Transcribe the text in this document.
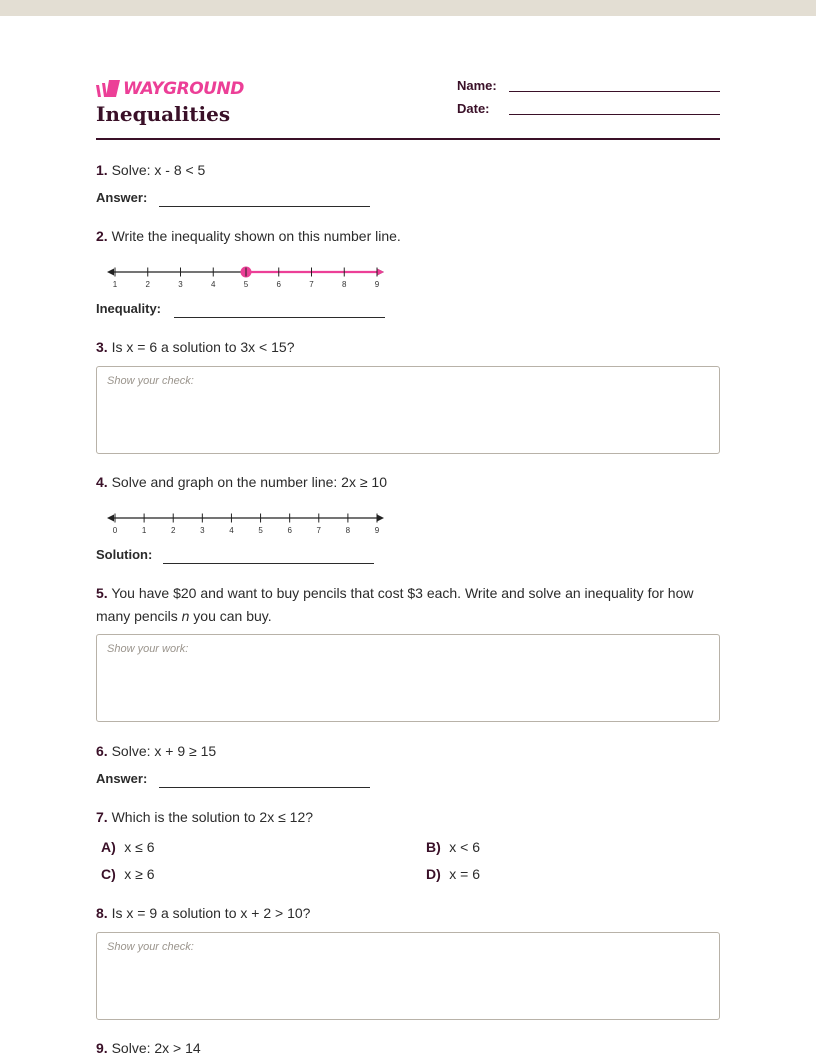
WAYGROUND
Inequalities
Name:
Date:
1. Solve: x - 8 < 5
Answer:
2. Write the inequality shown on this number line.
1	2	3	4	5	6	7	8	9
Inequality:
3. Is x = 6 a solution to 3x < 15?
Show your check:
4. Solve and graph on the number line: 2x ≥ 10
0	1	2	3	4	5	6	7	8	9
Solution:
5. You have $20 and want to buy pencils that cost $3 each. Write and solve an inequality for how many pencils n you can buy.
Show your work:
6. Solve: x + 9 ≥ 15
Answer:
7. Which is the solution to 2x ≤ 12?
A) x ≤ 6	B) x < 6
C) x ≥ 6	D) x = 6
8. Is x = 9 a solution to x + 2 > 10?
Show your check:
9. Solve: 2x > 14
